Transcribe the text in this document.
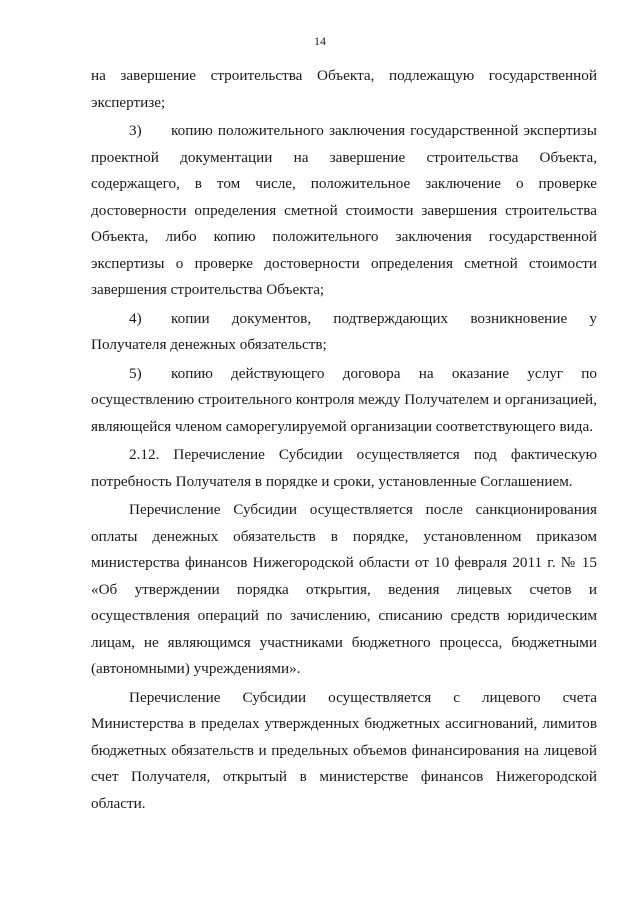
14

на завершение строительства Объекта, подлежащую государственной экспертизе;

3)	копию положительного заключения государственной экспертизы

проектной документации на завершение строительства Объекта, содержащего, в том числе, положительное заключение о проверке достоверности определения сметной стоимости завершения строительства Объекта, либо копию положительного заключения государственной экспертизы о проверке достоверности определения сметной стоимости завершения строительства Объекта;

4)	копии документов, подтверждающих возникновение у

Получателя денежных обязательств;

5)	копию действующего договора на оказание услуг по

осуществлению строительного контроля между Получателем и организацией, являющейся членом саморегулируемой организации соответствующего вида.

2.12. Перечисление Субсидии осуществляется под фактическую потребность Получателя в порядке и сроки, установленные Соглашением.

Перечисление Субсидии осуществляется после санкционирования оплаты денежных обязательств в порядке, установленном приказом министерства финансов Нижегородской области от 10 февраля 2011 г. № 15 «Об утверждении порядка открытия, ведения лицевых счетов и осуществления операций по зачислению, списанию средств юридическим лицам, не являющимся участниками бюджетного процесса, бюджетными (автономными) учреждениями».

Перечисление Субсидии осуществляется с лицевого счета Министерства в пределах утвержденных бюджетных ассигнований, лимитов бюджетных обязательств и предельных объемов финансирования на лицевой счет Получателя, открытый в министерстве финансов Нижегородской области.
